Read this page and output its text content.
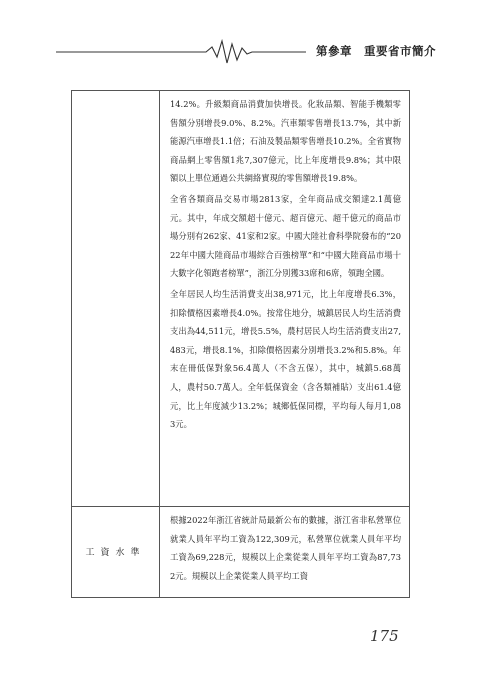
第參章　重要省市簡介

14.2%。升級類商品消費加快增長。化妝品類、智能手機類零售額分別增長9.0%、8.2%。汽車類零售增長13.7%，其中新能源汽車增長1.1倍；石油及製品類零售增長10.2%。全省實物商品網上零售額1兆7,307億元，比上年度增長9.8%；其中限額以上單位通過公共網絡實現的零售額增長19.8%。

全省各類商品交易市場2813家，全年商品成交額達2.1萬億元。其中，年成交額超十億元、超百億元、超千億元的商品市場分別有262家、41家和2家。中國大陸社會科學院發布的“2022年中國大陸商品市場綜合百強榜單”和“中國大陸商品市場十大數字化領跑者榜單”，浙江分別獲33席和6席，領跑全國。

全年居民人均生活消費支出38,971元，比上年度增長6.3%，扣除價格因素增長4.0%。按常住地分，城鎮居民人均生活消費支出為44,511元，增長5.5%，農村居民人均生活消費支出27,483元，增長8.1%，扣除價格因素分別增長3.2%和5.8%。年末在冊低保對象56.4萬人（不含五保），其中，城鎮5.68萬人，農村50.7萬人。全年低保資金（含各類補貼）支出61.4億元，比上年度減少13.2%；城鄉低保同標，平均每人每月1,083元。

工資水準

根據2022年浙江省統計局最新公布的數據，浙江省非私營單位就業人員年平均工資為122,309元，私營單位就業人員年平均工資為69,228元，規模以上企業從業人員年平均工資為87,732元。規模以上企業從業人員平均工資

175
